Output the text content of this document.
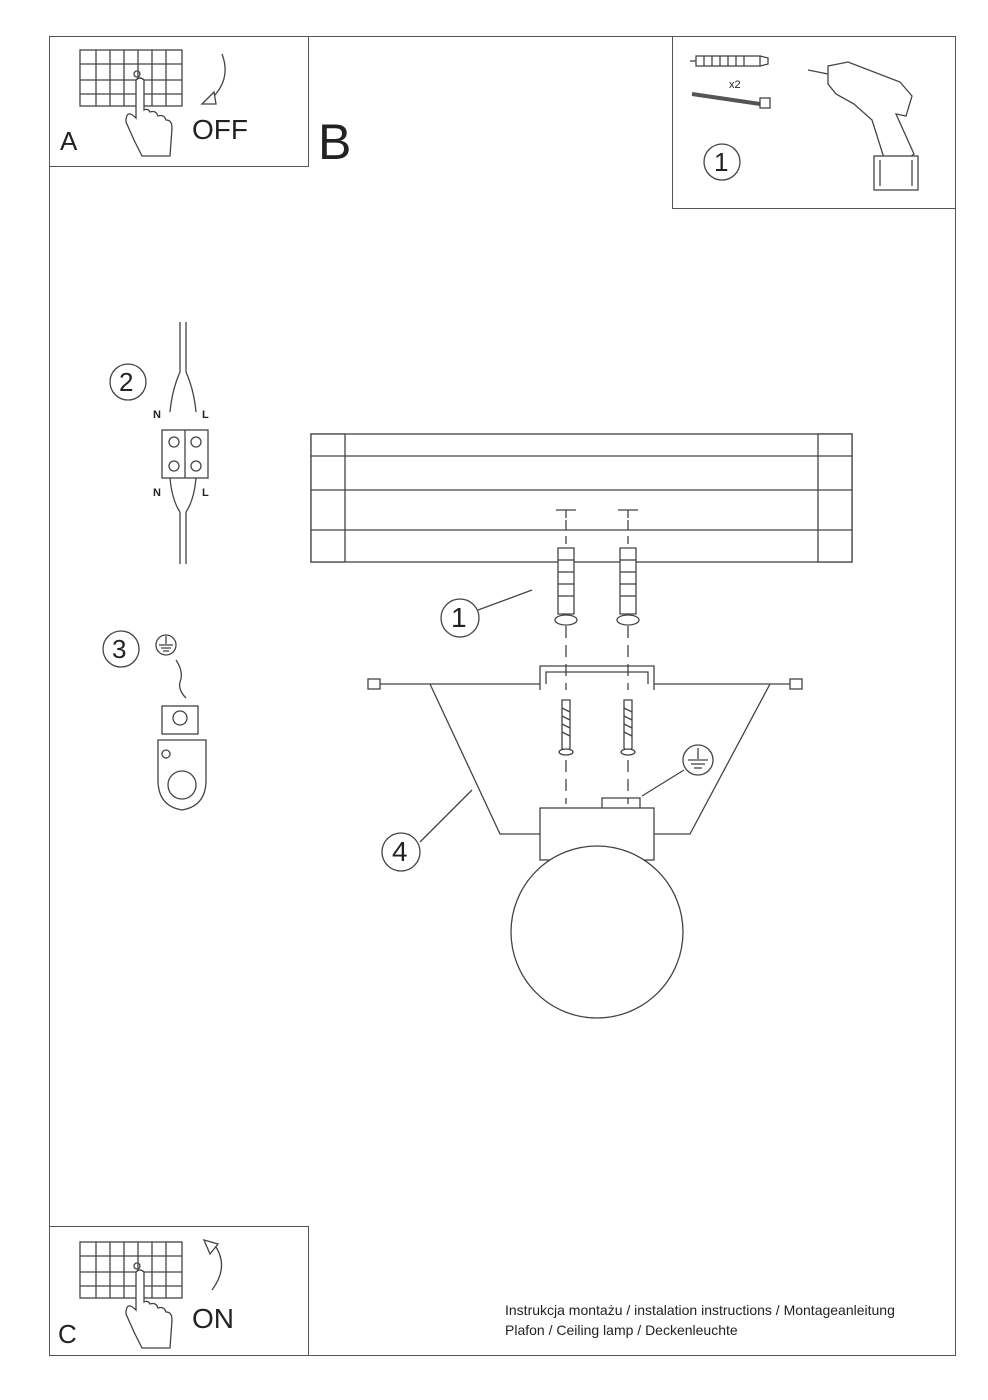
A	OFF B
x2
C	ON
1
2
N	L
N	L
3
1
4
Instrukcja montażu / instalation instructions / Montageanleitung
Plafon / Ceiling lamp / Deckenleuchte
